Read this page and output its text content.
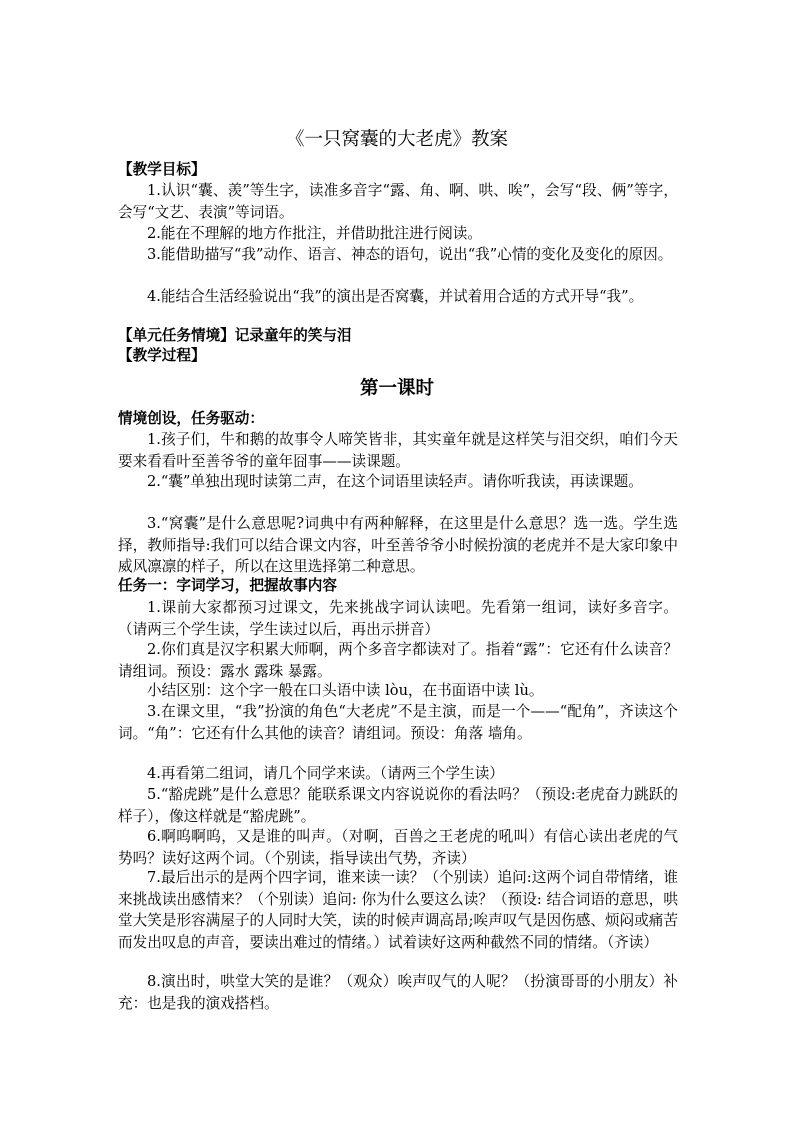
《一只窝囊的大老虎》教案
【教学目标】
1.认识“囊、羡”等生字，读准多音字“露、角、啊、哄、唉”，会写“段、俩”等字，会写“文艺、表演”等词语。
2.能在不理解的地方作批注，并借助批注进行阅读。
3.能借助描写“我”动作、语言、神态的语句，说出“我”心情的变化及变化的原因。
4.能结合生活经验说出“我”的演出是否窝囊，并试着用合适的方式开导“我”。
【单元任务情境】记录童年的笑与泪
【教学过程】
第一课时
情境创设，任务驱动：
1.孩子们，牛和鹅的故事令人啼笑皆非，其实童年就是这样笑与泪交织，咱们今天要来看看叶至善爷爷的童年囧事——读课题。
2.“囊”单独出现时读第二声，在这个词语里读轻声。请你听我读，再读课题。
3.“窝囊”是什么意思呢?词典中有两种解释，在这里是什么意思？选一选。学生选择，教师指导:我们可以结合课文内容，叶至善爷爷小时候扮演的老虎并不是大家印象中威风凛凛的样子，所以在这里选择第二种意思。
任务一：字词学习，把握故事内容
1.课前大家都预习过课文，先来挑战字词认读吧。先看第一组词，读好多音字。（请两三个学生读，学生读过以后，再出示拼音）
2.你们真是汉字积累大师啊，两个多音字都读对了。指着“露”：它还有什么读音？请组词。预设：露水 露珠 暴露。
小结区别：这个字一般在口头语中读 lòu，在书面语中读 lù。
3.在课文里，“我”扮演的角色“大老虎”不是主演，而是一个——“配角”，齐读这个词。“角”：它还有什么其他的读音？请组词。预设：角落 墙角。
4.再看第二组词，请几个同学来读。（请两三个学生读）
5.“豁虎跳”是什么意思？能联系课文内容说说你的看法吗？（预设:老虎奋力跳跃的样子），像这样就是“豁虎跳”。
6.啊呜啊呜，又是谁的叫声。（对啊，百兽之王老虎的吼叫）有信心读出老虎的气势吗？读好这两个词。（个别读，指导读出气势，齐读）
7.最后出示的是两个四字词，谁来读一读？（个别读）追问:这两个词自带情绪，谁来挑战读出感情来？（个别读）追问: 你为什么要这么读？（预设: 结合词语的意思，哄堂大笑是形容满屋子的人同时大笑，读的时候声调高昂;唉声叹气是因伤感、烦闷或痛苦而发出叹息的声音，要读出难过的情绪。）试着读好这两种截然不同的情绪。（齐读）
8.演出时，哄堂大笑的是谁？（观众）唉声叹气的人呢？（扮演哥哥的小朋友）补充：也是我的演戏搭档。
